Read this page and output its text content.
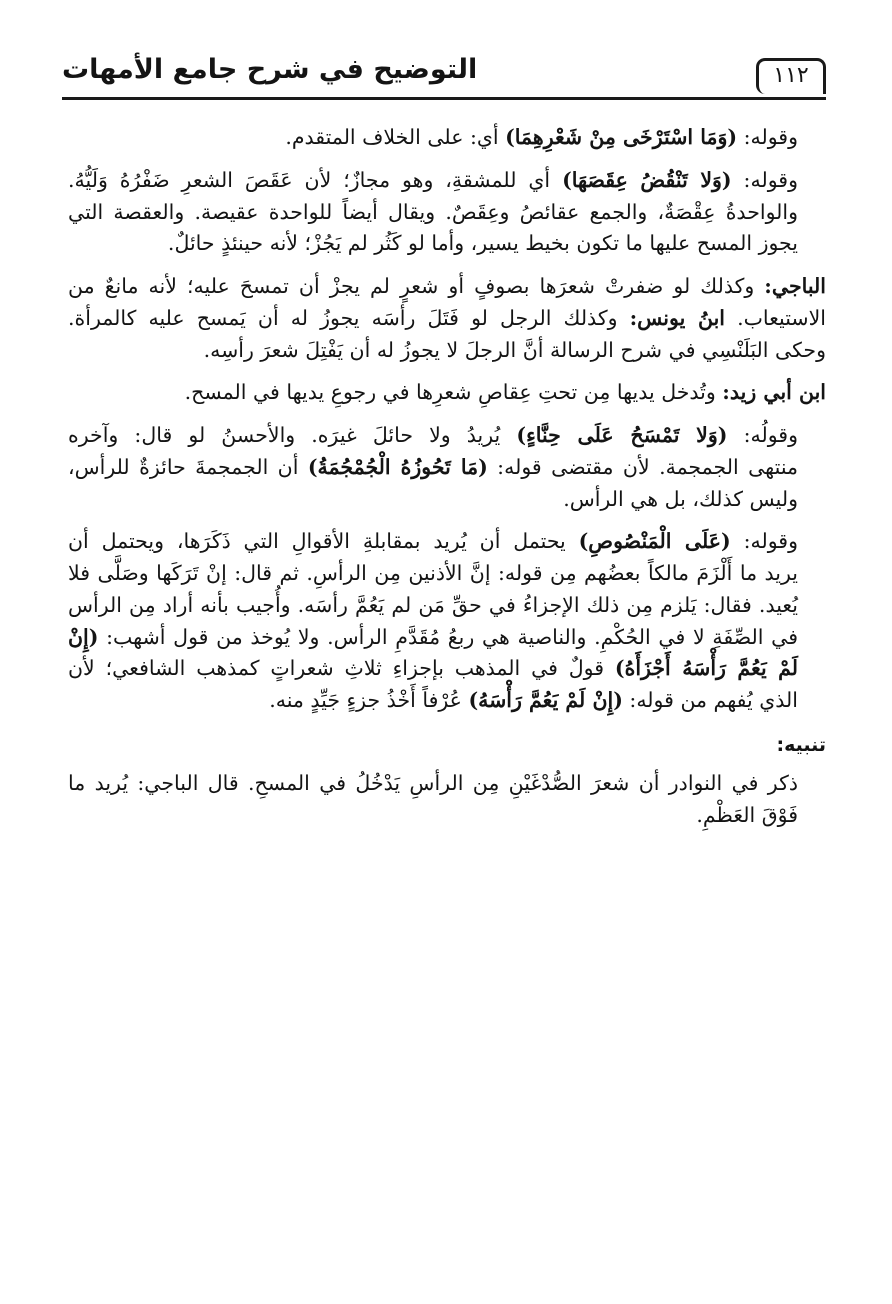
١١٢
التوضيح في شرح جامع الأمهات

وقوله: (وَمَا اسْتَرْخَى مِنْ شَعْرِهِمَا) أي: على الخلاف المتقدم.

وقوله: (وَلا تَنْقُضُ عِقَصَهَا) أي للمشقةِ، وهو مجازٌ؛ لأن عَقَصَ الشعرِ ضَفْرُهُ وَلَيُّهُ.
والواحدةُ عِقْصَةٌ، والجمع عقائصُ وعِقَصٌ. ويقال أيضاً للواحدة عقيصة. والعقصة التي
يجوز المسح عليها ما تكون بخيط يسير، وأما لو كَثُر لم يَجُزْ؛ لأنه حينئذٍ حائلٌ.

الباجي: وكذلك لو ضفرتْ شعرَها بصوفٍ أو شعرٍ لم يجزْ أن تمسحَ عليه؛ لأنه مانعٌ من
الاستيعاب. ابنُ يونس: وكذلك الرجل لو فَتَلَ رأسَه يجوزُ له أن يَمسح عليه كالمرأة.
وحكى البَلَنْسِي في شرح الرسالة أنَّ الرجلَ لا يجوزُ له أن يَفْتِلَ شعرَ رأسِه.

ابن أبي زيد: وتُدخل يديها مِن تحتِ عِقاصِ شعرِها في رجوعِ يديها في المسح.

وقولُه: (وَلا تَمْسَحُ عَلَى حِنَّاءٍ) يُريدُ ولا حائلَ غيرَه. والأحسنُ لو قال: وآخره
منتهى الجمجمة. لأن مقتضى قوله: (مَا تَحُوزُهُ الْجُمْجُمَةُ) أن الجمجمةَ حائزةٌ للرأس،
وليس كذلك، بل هي الرأس.

وقوله: (عَلَى الْمَنْصُوصِ) يحتمل أن يُريد بمقابلةِ الأقوالِ التي ذَكَرَها، ويحتمل أن
يريد ما أَلْزَمَ مالكاً بعضُهم مِن قوله: إنَّ الأذنين مِن الرأسِ. ثم قال: إنْ تَرَكَها وصَلَّى فلا
يُعيد. فقال: يَلزم مِن ذلك الإجزاءُ في حقِّ مَن لم يَعُمَّ رأسَه. وأُجيب بأنه أراد مِن الرأس
في الصِّفَةِ لا في الحُكْمِ. والناصية هي ربعُ مُقَدَّمِ الرأس. ولا يُوخذ من قول أشهب: (إِنْ
لَمْ يَعُمَّ رَأْسَهُ أَجْزَأَهُ) قولٌ في المذهب بإجزاءِ ثلاثِ شعراتٍ كمذهب الشافعي؛ لأن
الذي يُفهم من قوله: (إِنْ لَمْ يَعُمَّ رَأْسَهُ) عُرْفاً أَخْذُ جزءٍ جَيِّدٍ منه.

تنبيه:

ذكر في النوادر أن شعرَ الصُّدْغَيْنِ مِن الرأسِ يَدْخُلُ في المسحِ. قال الباجي: يُريد ما
فَوْقَ العَظْمِ.
